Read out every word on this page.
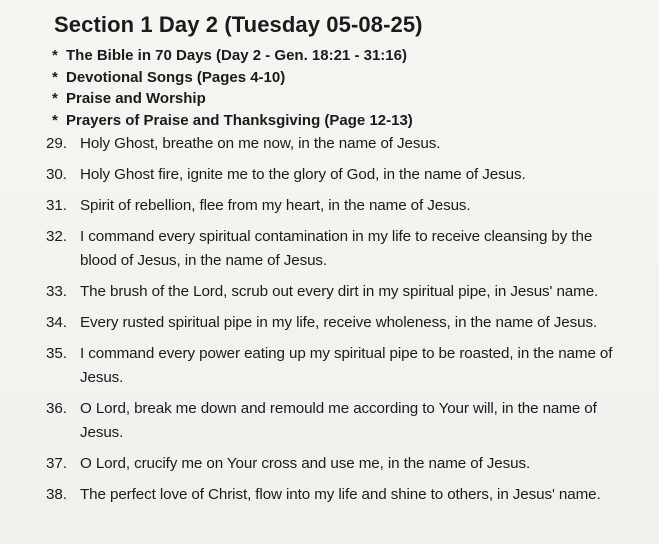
Section 1 Day 2 (Tuesday 05-08-25)
* The Bible in 70 Days (Day 2 - Gen. 18:21 - 31:16)
* Devotional Songs (Pages 4-10)
* Praise and Worship
* Prayers of Praise and Thanksgiving (Page 12-13)
29. Holy Ghost, breathe on me now, in the name of Jesus.
30. Holy Ghost fire, ignite me to the glory of God, in the name of Jesus.
31. Spirit of rebellion, flee from my heart, in the name of Jesus.
32. I command every spiritual contamination in my life to receive cleansing by the blood of Jesus, in the name of Jesus.
33. The brush of the Lord, scrub out every dirt in my spiritual pipe, in Jesus' name.
34. Every rusted spiritual pipe in my life, receive wholeness, in the name of Jesus.
35. I command every power eating up my spiritual pipe to be roasted, in the name of Jesus.
36. O Lord, break me down and remould me according to Your will, in the name of Jesus.
37. O Lord, crucify me on Your cross and use me, in the name of Jesus.
38. The perfect love of Christ, flow into my life and shine to others, in Jesus' name.
